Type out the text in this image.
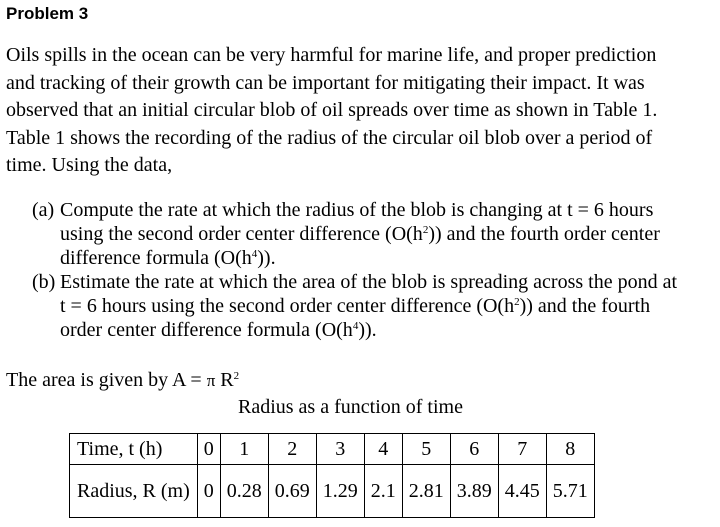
Problem 3
Oils spills in the ocean can be very harmful for marine life, and proper prediction
and tracking of their growth can be important for mitigating their impact. It was
observed that an initial circular blob of oil spreads over time as shown in Table 1.
Table 1 shows the recording of the radius of the circular oil blob over a period of
time. Using the data,
(a) Compute the rate at which the radius of the blob is changing at t = 6 hours
using the second order center difference $(O(h^2))$ and the fourth order center
difference formula $(O(h^4))$.
(b) Estimate the rate at which the area of the blob is spreading across the pond at
t = 6 hours using the second order center difference $(O(h^2))$ and the fourth
order center difference formula $(O(h^4))$.
The area is given by A = π $R^2$
Radius as a function of time
Time, t (h)	0	1	2	3	4	5	6	7	8
Radius, R (m)	0	0.28	0.69	1.29	2.1	2.81	3.89	4.45	5.71
